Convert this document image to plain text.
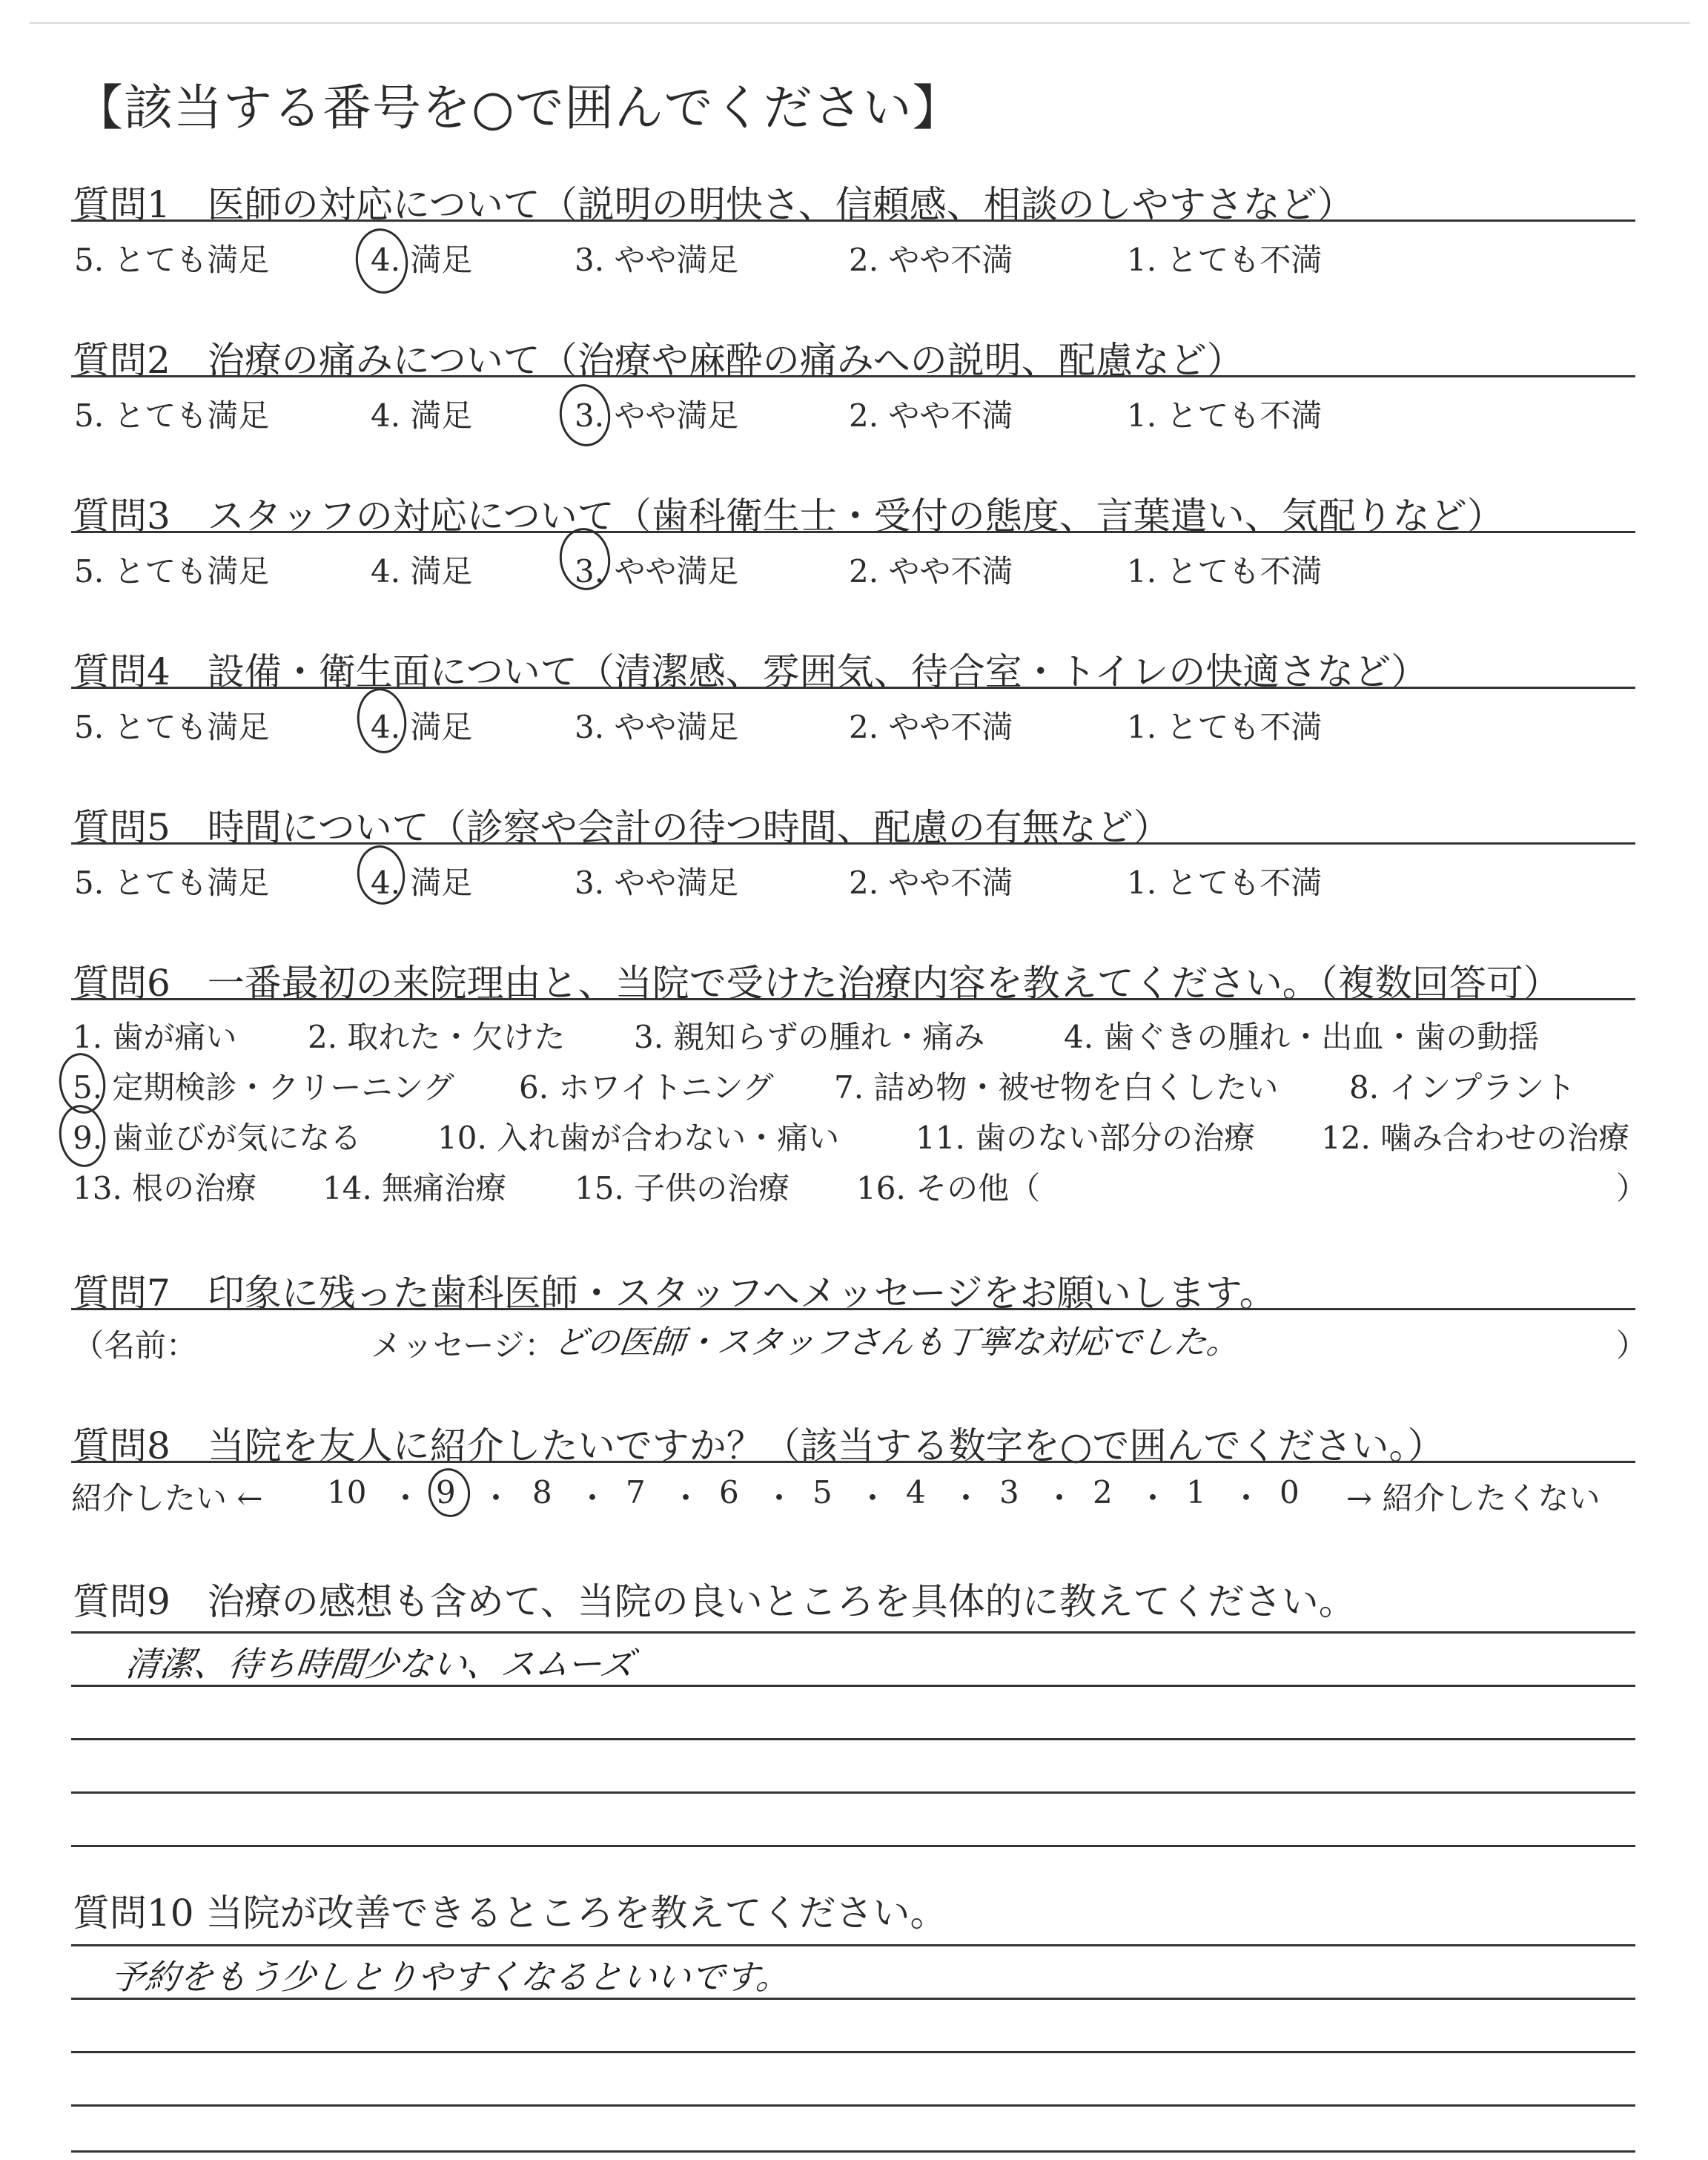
【該当する番号を○で囲んでください】
質問1　医師の対応について（説明の明快さ、信頼感、相談のしやすさなど）
5. とても満足	4. 満足	3. やや満足	2. やや不満	1. とても不満
質問2　治療の痛みについて（治療や麻酔の痛みへの説明、配慮など）
5. とても満足	4. 満足	3. やや満足	2. やや不満	1. とても不満
質問3　スタッフの対応について（歯科衛生士・受付の態度、言葉遣い、気配りなど）
5. とても満足	4. 満足	3. やや満足	2. やや不満	1. とても不満
質問4　設備・衛生面について（清潔感、雰囲気、待合室・トイレの快適さなど）
5. とても満足	4. 満足	3. やや満足	2. やや不満	1. とても不満
質問5　時間について（診察や会計の待つ時間、配慮の有無など）
5. とても満足	4. 満足	3. やや満足	2. やや不満	1. とても不満
質問6　一番最初の来院理由と、当院で受けた治療内容を教えてください。（複数回答可）
1. 歯が痛い 2. 取れた・欠けた 3. 親知らずの腫れ・痛み	4. 歯ぐきの腫れ・出血・歯の動揺
5. 定期検診・クリーニング 6. ホワイトニング 7. 詰め物・被せ物を白くしたい 8. インプラント
9. 歯並びが気になる 10. 入れ歯が合わない・痛い 11. 歯のない部分の治療 12. 噛み合わせの治療
13. 根の治療 14. 無痛治療 15. 子供の治療 16. その他（	）
質問7　印象に残った歯科医師・スタッフへメッセージをお願いします。
（名前：	メッセージ：
どの医師・スタッフさんも丁寧な対応でした。	）
質問8　当院を友人に紹介したいですか？（該当する数字を○で囲んでください。）
紹介したい ← 10 ・ 9 ・ 8 ・ 7 ・ 6 ・ 5 ・ 4 ・ 3 ・ 2 ・ 1 ・ 0 → 紹介したくない
質問9　治療の感想も含めて、当院の良いところを具体的に教えてください。
清潔、待ち時間少ない、スムーズ
質問10 当院が改善できるところを教えてください。
予約をもう少しとりやすくなるといいです。
